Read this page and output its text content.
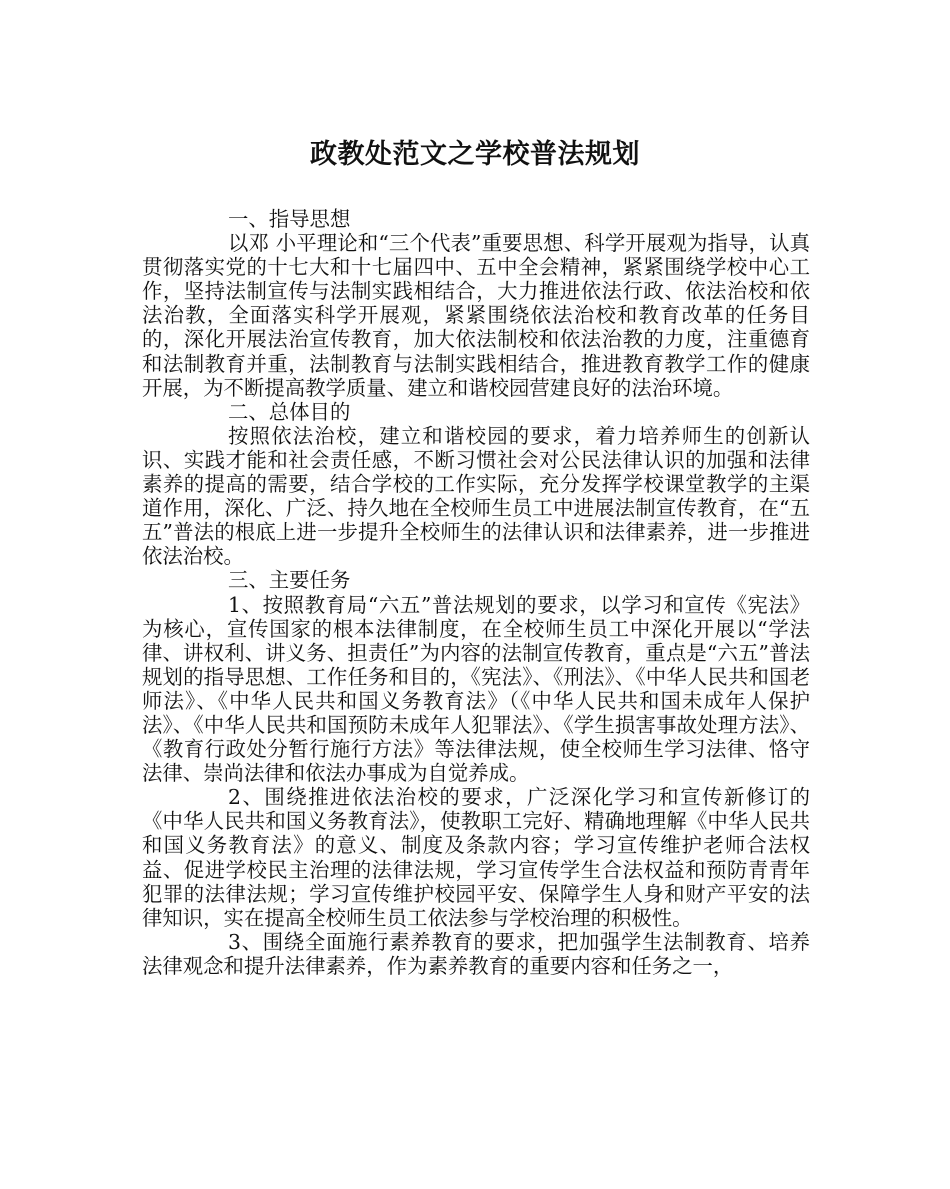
政教处范文之学校普法规划

一、指导思想

以邓 小平理论和“三个代表”重要思想、科学开展观为指导，认真贯彻落实党的十七大和十七届四中、五中全会精神，紧紧围绕学校中心工作，坚持法制宣传与法制实践相结合，大力推进依法行政、依法治校和依法治教，全面落实科学开展观，紧紧围绕依法治校和教育改革的任务目的，深化开展法治宣传教育，加大依法制校和依法治教的力度，注重德育和法制教育并重，法制教育与法制实践相结合，推进教育教学工作的健康开展，为不断提高教学质量、建立和谐校园营建良好的法治环境。

二、总体目的

按照依法治校，建立和谐校园的要求，着力培养师生的创新认识、实践才能和社会责任感，不断习惯社会对公民法律认识的加强和法律素养的提高的需要，结合学校的工作实际，充分发挥学校课堂教学的主渠道作用，深化、广泛、持久地在全校师生员工中进展法制宣传教育，在“五五”普法的根底上进一步提升全校师生的法律认识和法律素养，进一步推进依法治校。

三、主要任务

1、按照教育局“六五”普法规划的要求，以学习和宣传《宪法》为核心，宣传国家的根本法律制度，在全校师生员工中深化开展以“学法律、讲权利、讲义务、担责任”为内容的法制宣传教育，重点是“六五”普法规划的指导思想、工作任务和目的，《宪法》、《刑法》、《中华人民共和国老师法》、《中华人民共和国义务教育法》（《中华人民共和国未成年人保护法》、《中华人民共和国预防未成年人犯罪法》、《学生损害事故处理方法》、《教育行政处分暂行施行方法》等法律法规，使全校师生学习法律、恪守法律、崇尚法律和依法办事成为自觉养成。

2、围绕推进依法治校的要求，广泛深化学习和宣传新修订的《中华人民共和国义务教育法》，使教职工完好、精确地理解《中华人民共和国义务教育法》的意义、制度及条款内容；学习宣传维护老师合法权益、促进学校民主治理的法律法规，学习宣传学生合法权益和预防青青年犯罪的法律法规；学习宣传维护校园平安、保障学生人身和财产平安的法律知识，实在提高全校师生员工依法参与学校治理的积极性。

3、围绕全面施行素养教育的要求，把加强学生法制教育、培养法律观念和提升法律素养，作为素养教育的重要内容和任务之一，
